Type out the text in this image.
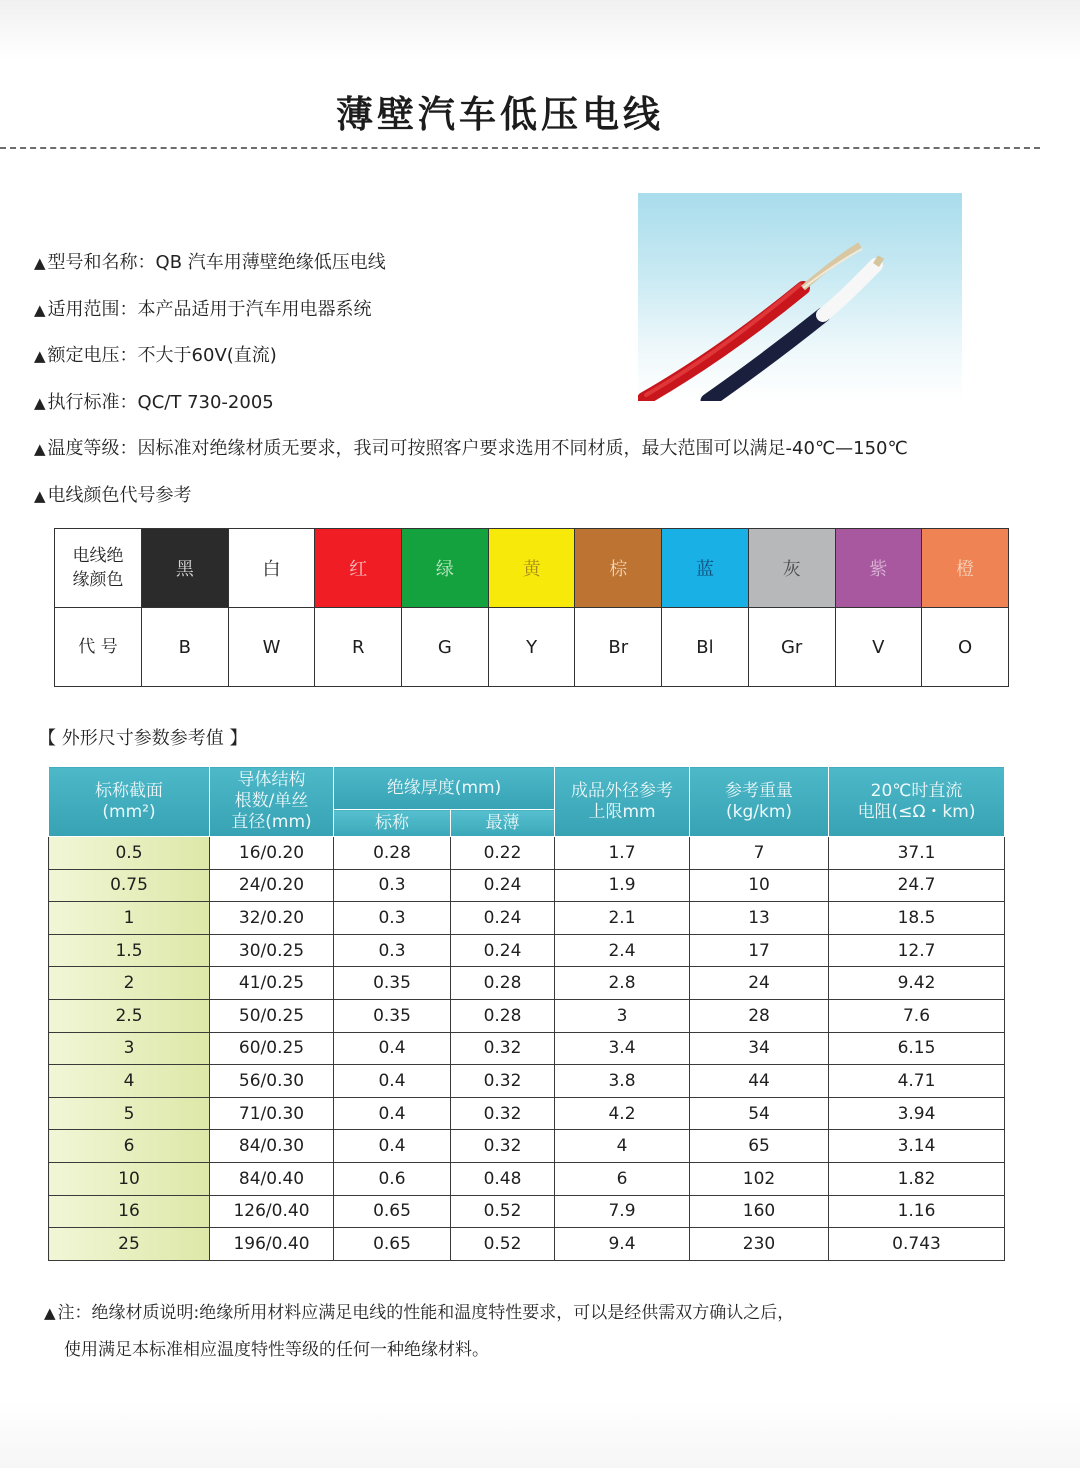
薄壁汽车低压电线
▲ 型号和名称：QB 汽车用薄壁绝缘低压电线
▲ 适用范围：本产品适用于汽车用电器系统
▲ 额定电压：不大于60V(直流)
▲ 执行标准：QC/T 730-2005
▲ 温度等级：因标准对绝缘材质无要求，我司可按照客户要求选用不同材质，最大范围可以满足-40℃—150℃
▲ 电线颜色代号参考
电线绝
缘颜色	黑	白	红	绿	黄	棕	蓝	灰	紫	橙
代 号	B	W	R	G	Y	Br	Bl	Gr	V	O
【 外形尺寸参数参考值 】
标称截面
(mm²)	导体结构
根数/单丝
直径(mm)	绝缘厚度(mm)		成品外径参考
上限mm	参考重量
(kg/km)	20℃时直流
电阻(≤Ω・km)
		标称	最薄			
0.5	16/0.20	0.28	0.22	1.7	7	37.1
0.75	24/0.20	0.3	0.24	1.9	10	24.7
1	32/0.20	0.3	0.24	2.1	13	18.5
1.5	30/0.25	0.3	0.24	2.4	17	12.7
2	41/0.25	0.35	0.28	2.8	24	9.42
2.5	50/0.25	0.35	0.28	3	28	7.6
3	60/0.25	0.4	0.32	3.4	34	6.15
4	56/0.30	0.4	0.32	3.8	44	4.71
5	71/0.30	0.4	0.32	4.2	54	3.94
6	84/0.30	0.4	0.32	4	65	3.14
10	84/0.40	0.6	0.48	6	102	1.82
16	126/0.40	0.65	0.52	7.9	160	1.16
25	196/0.40	0.65	0.52	9.4	230	0.743
▲ 注：绝缘材质说明:绝缘所用材料应满足电线的性能和温度特性要求，可以是经供需双方确认之后，
使用满足本标准相应温度特性等级的任何一种绝缘材料。
